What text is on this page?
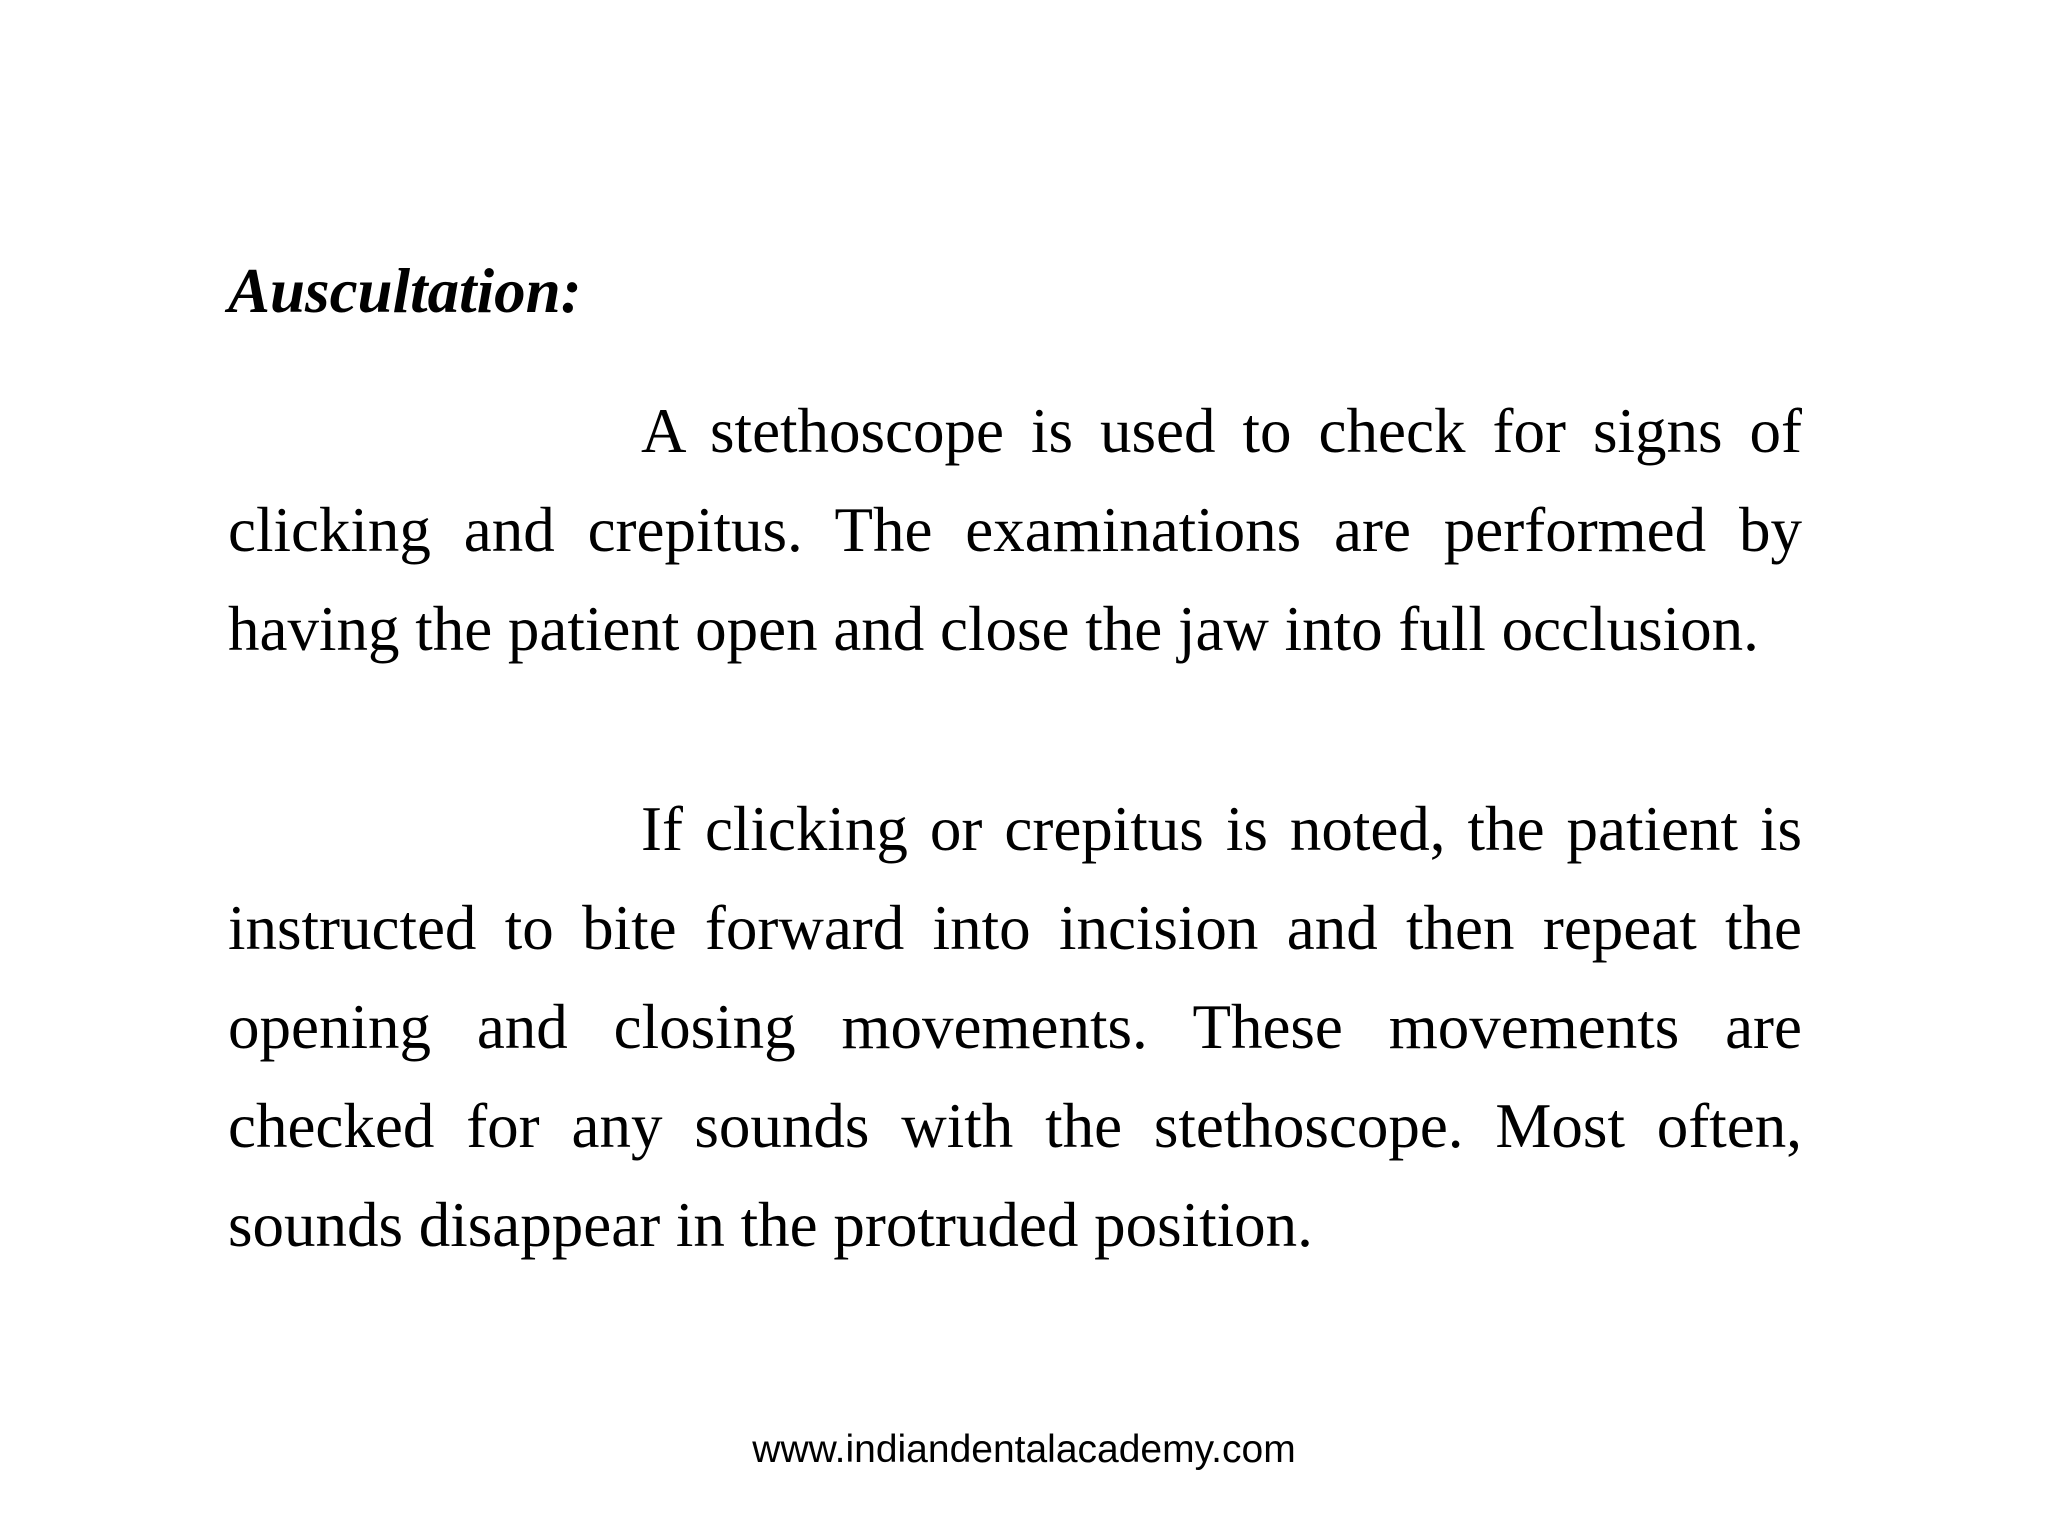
Auscultation:

A stethoscope is used to check for signs of clicking and crepitus. The examinations are performed by having the patient open and close the jaw into full occlusion.

If clicking or crepitus is noted, the patient is instructed to bite forward into incision and then repeat the opening and closing movements. These movements are checked for any sounds with the stethoscope. Most often, sounds disappear in the protruded position.

www.indiandentalacademy.com
